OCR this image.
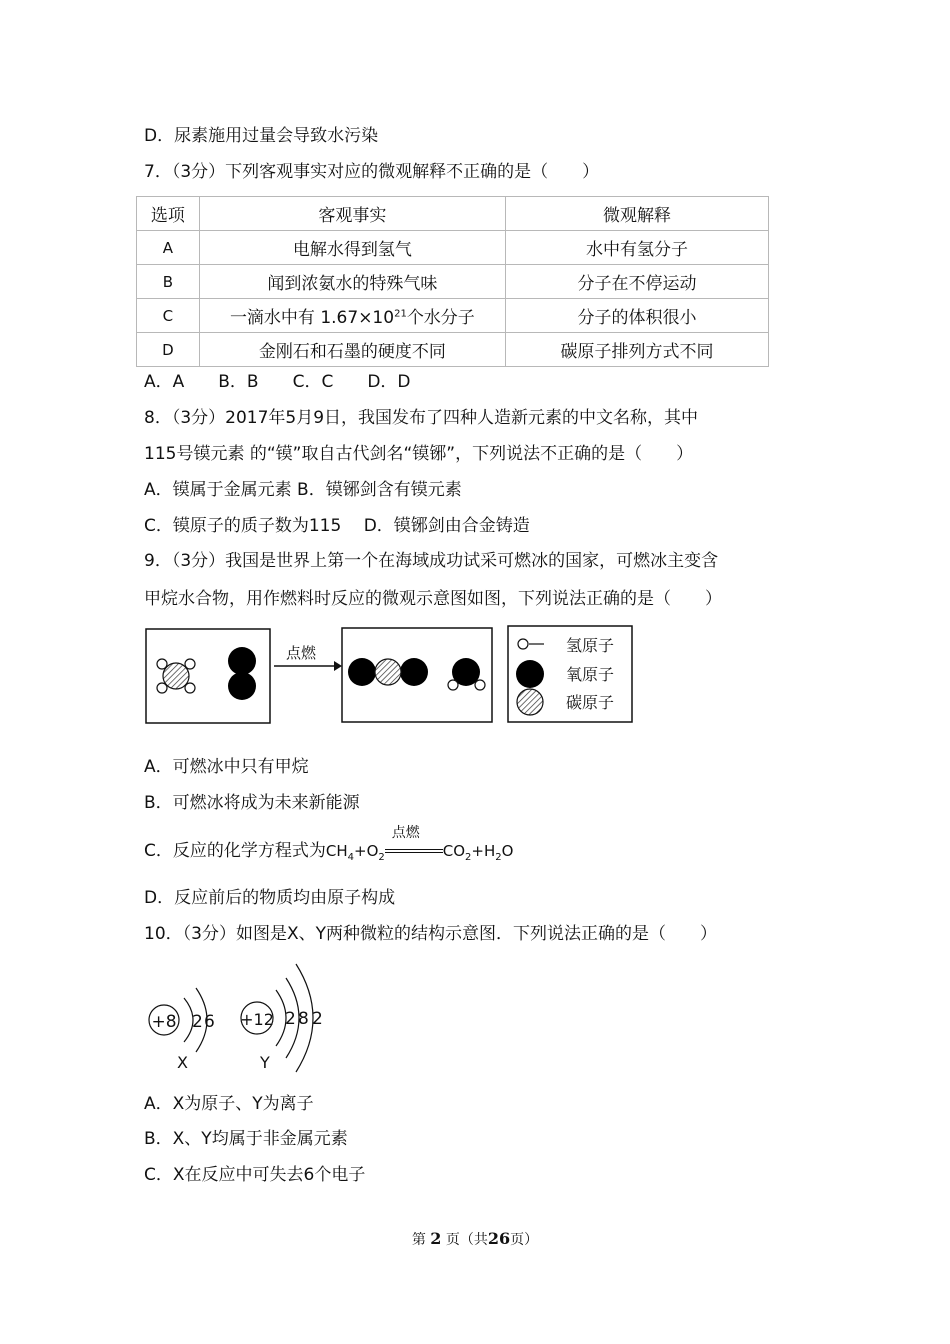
D．尿素施用过量会导致水污染
7．（3分）下列客观事实对应的微观解释不正确的是（　　）
选项	客观事实	微观解释
A	电解水得到氢气	水中有氢分子
B	闻到浓氨水的特殊气味	分子在不停运动
C	一滴水中有 $1.67\times 10^{21}$个水分子	分子的体积很小
D	金刚石和石墨的硬度不同	碳原子排列方式不同
A．A　　B．B　　C．C　　D．D
8．（3分）2017年5月9日，我国发布了四种人造新元素的中文名称，其中
115号镆元素 的“镆”取自古代剑名“镆铘”，下列说法不正确的是（　　）
A．镆属于金属元素 B．镆铘剑含有镆元素
C．镆原子的质子数为115　 D．镆铘剑由合金铸造
9．（3分）我国是世界上第一个在海域成功试采可燃冰的国家，可燃冰主变含
甲烷水合物，用作燃料时反应的微观示意图如图，下列说法正确的是（　　）
点燃	氢原子
氧原子
碳原子
A．可燃冰中只有甲烷
B．可燃冰将成为未来新能源
C．反应的化学方程式为$CH_4+O_2$
点燃
$CO_2+H_2O$
D．反应前后的物质均由原子构成
10．（3分）如图是X、Y两种微粒的结构示意图．下列说法正确的是（　　）
+8 2 6
X
+12 2 8 2
Y
A．X为原子、Y为离子
B．X、Y均属于非金属元素
C．X在反应中可失去6个电子
第 2 页（共26页）
